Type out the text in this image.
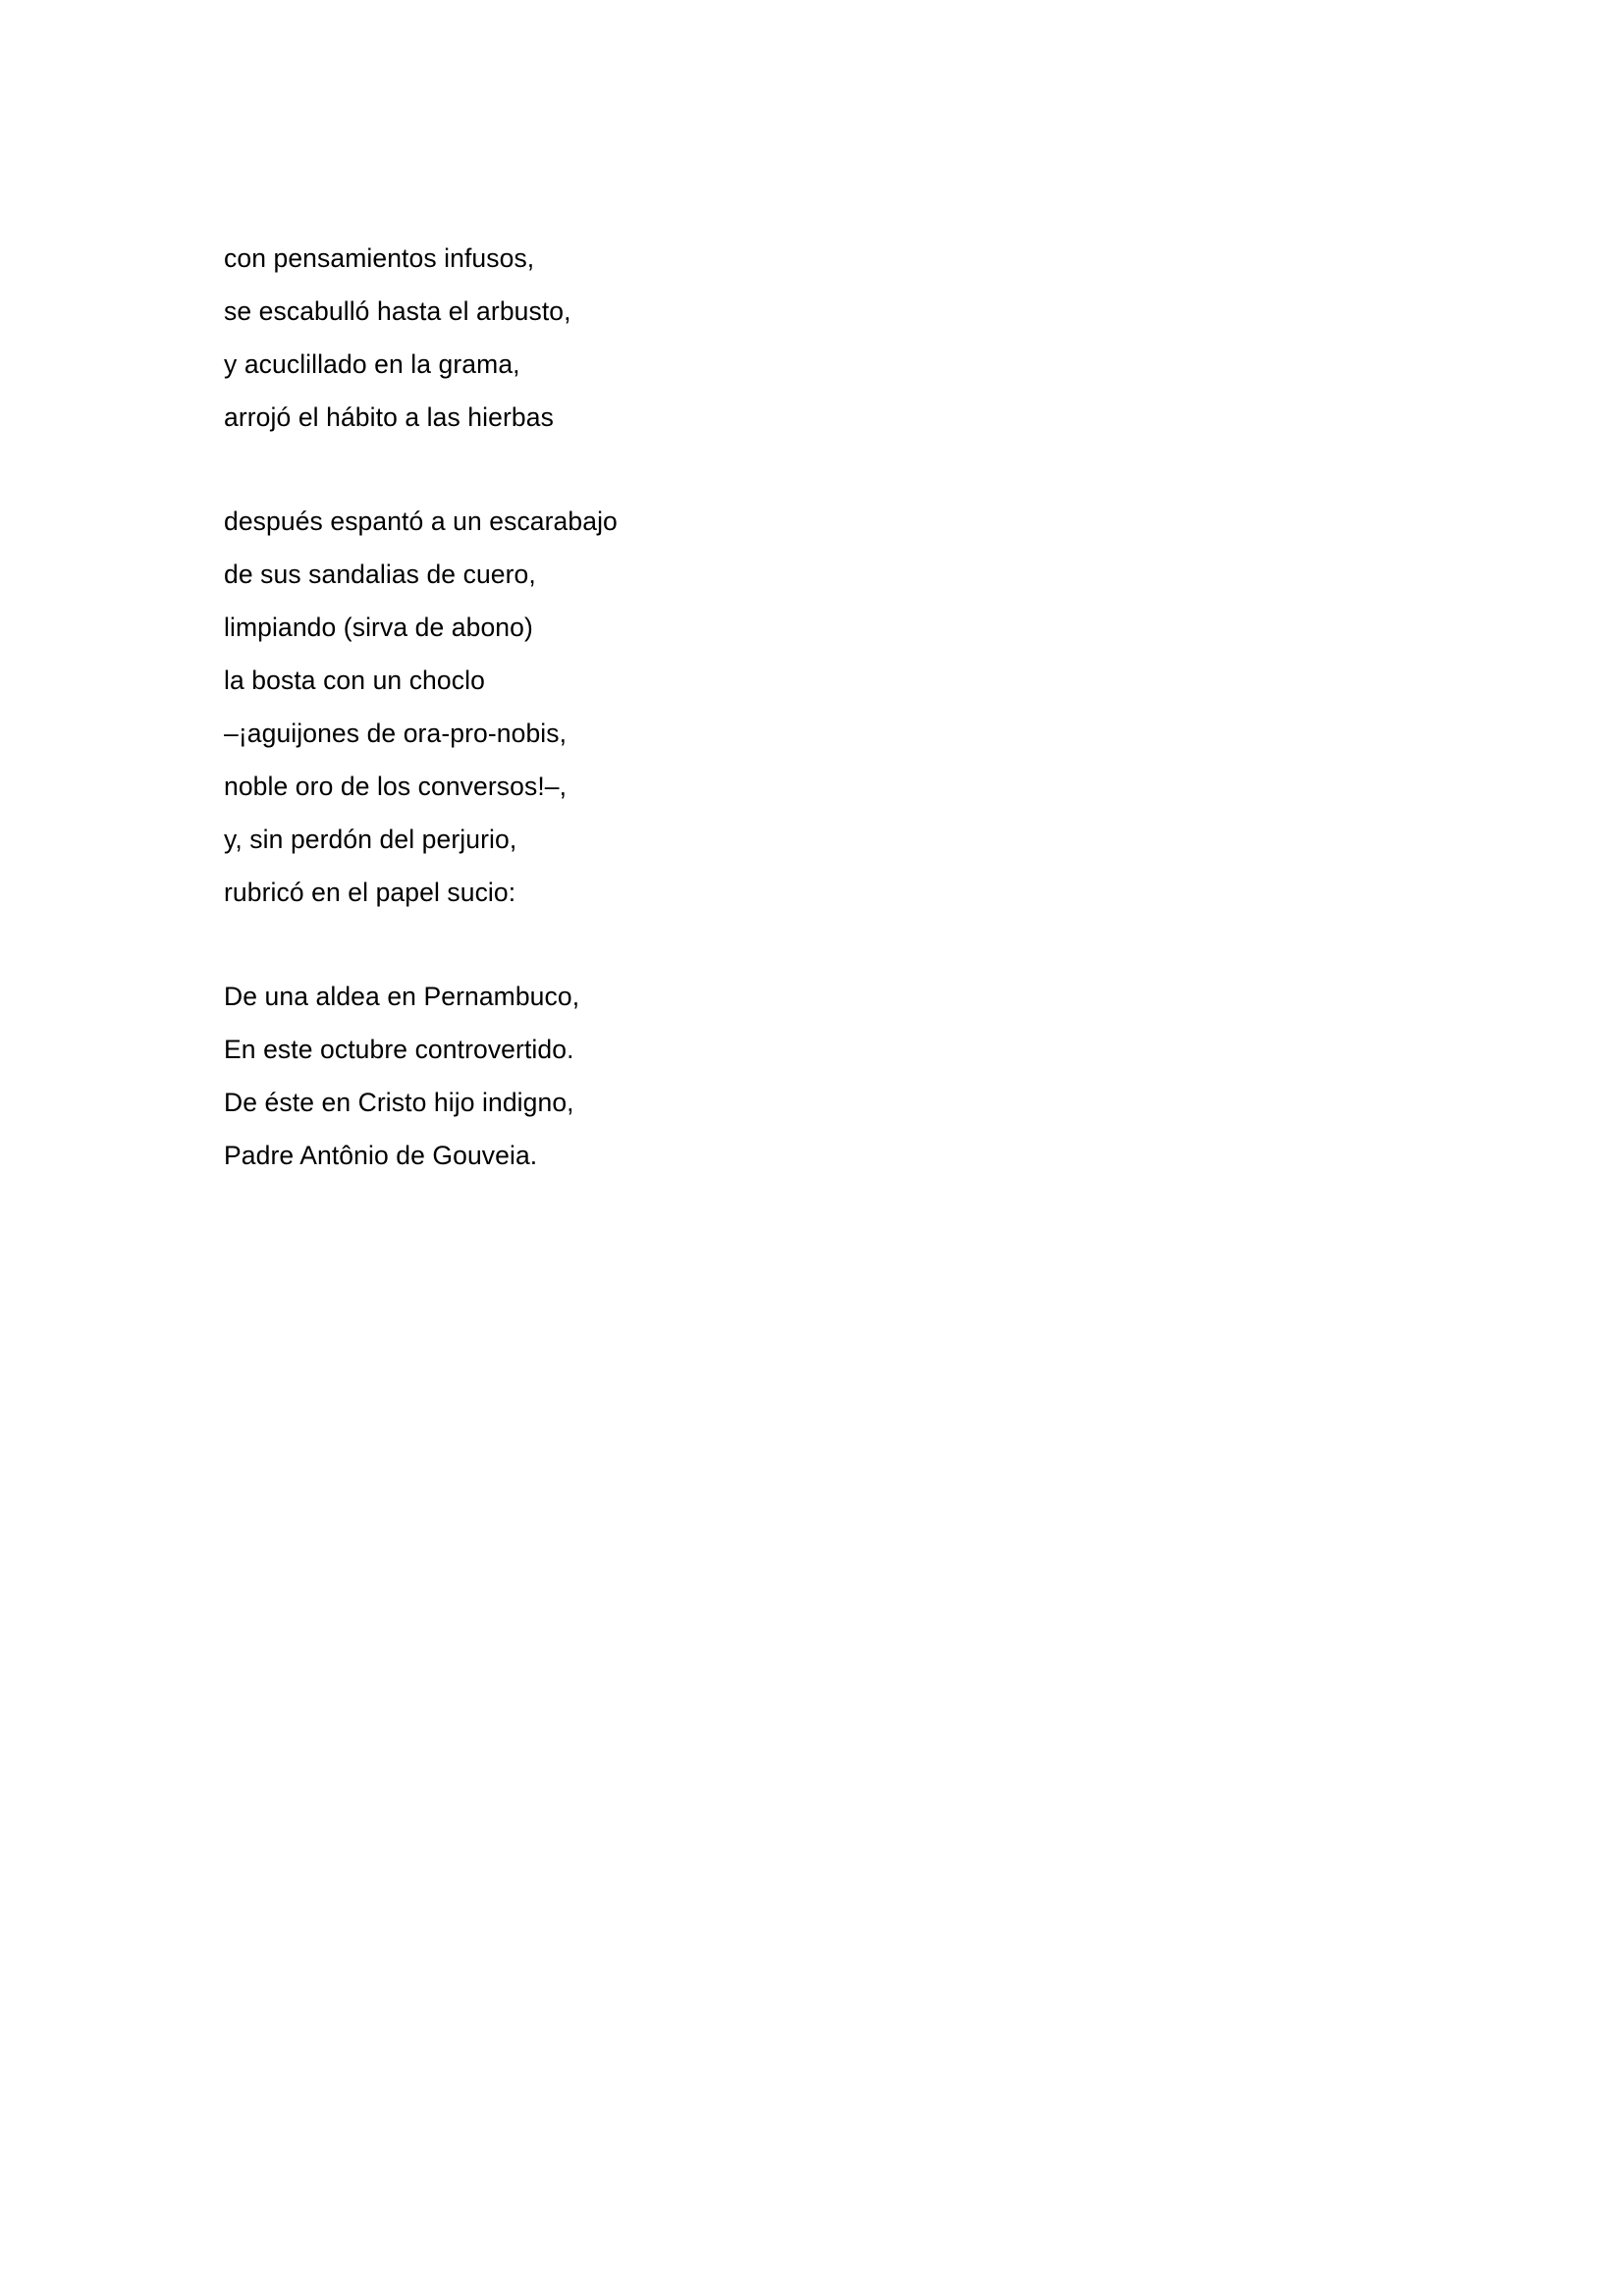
con pensamientos infusos,
se escabulló hasta el arbusto,
y acuclillado en la grama,
arrojó el hábito a las hierbas
después espantó a un escarabajo
de sus sandalias de cuero,
limpiando (sirva de abono)
la bosta con un choclo
–¡aguijones de ora-pro-nobis,
noble oro de los conversos!–,
y, sin perdón del perjurio,
rubricó en el papel sucio:
De una aldea en Pernambuco,
En este octubre controvertido.
De éste en Cristo hijo indigno,
Padre Antônio de Gouveia.
